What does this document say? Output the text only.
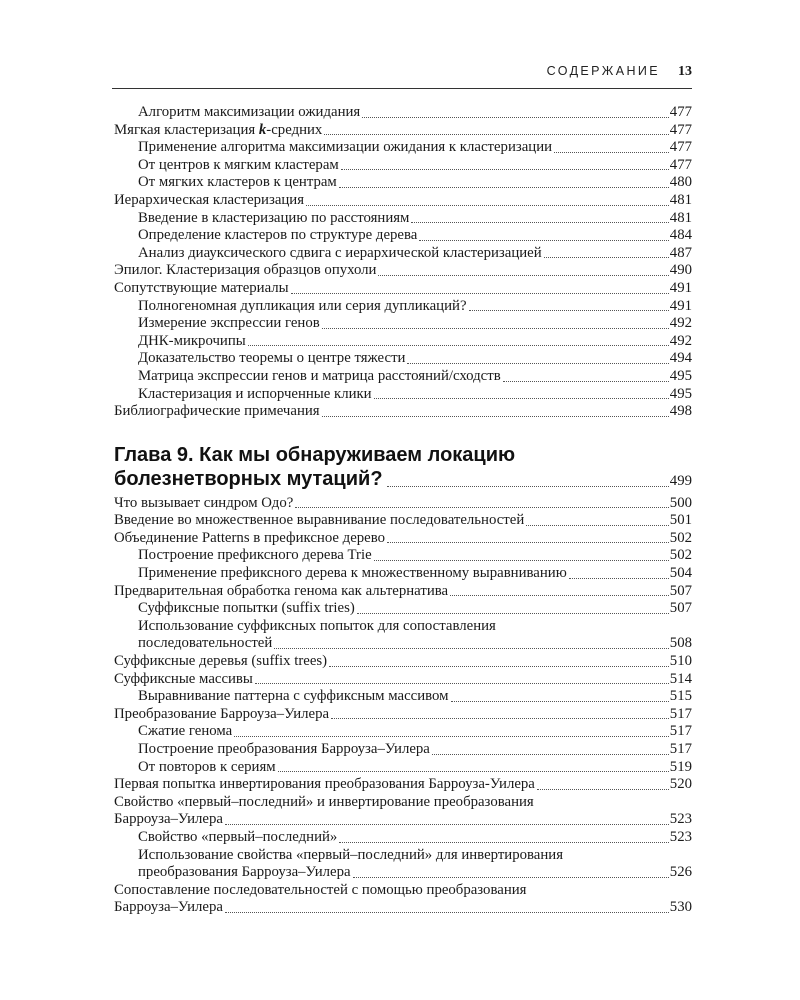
СОДЕРЖАНИЕ 13
Алгоритм максимизации ожидания	477
Мягкая кластеризация k-средних	477
Применение алгоритма максимизации ожидания к кластеризации	477
От центров к мягким кластерам	477
От мягких кластеров к центрам	480
Иерархическая кластеризация	481
Введение в кластеризацию по расстояниям	481
Определение кластеров по структуре дерева	484
Анализ диауксического сдвига с иерархической кластеризацией	487
Эпилог. Кластеризация образцов опухоли	490
Сопутствующие материалы	491
Полногеномная дупликация или серия дупликаций?	491
Измерение экспрессии генов	492
ДНК-микрочипы	492
Доказательство теоремы о центре тяжести	494
Матрица экспрессии генов и матрица расстояний/сходств	495
Кластеризация и испорченные клики	495
Библиографические примечания	498
Глава 9. Как мы обнаруживаем локацию
болезнетворных мутаций?	499
Что вызывает синдром Одо?	500
Введение во множественное выравнивание последовательностей	501
Объединение Patterns в префиксное дерево	502
Построение префиксного дерева Trie	502
Применение префиксного дерева к множественному выравниванию	504
Предварительная обработка генома как альтернатива	507
Суффиксные попытки (suffix tries)	507
Использование суффиксных попыток для сопоставления
последовательностей	508
Суффиксные деревья (suffix trees)	510
Суффиксные массивы	514
Выравнивание паттерна с суффиксным массивом	515
Преобразование Барроуза–Уилера	517
Сжатие генома	517
Построение преобразования Барроуза–Уилера	517
От повторов к сериям	519
Первая попытка инвертирования преобразования Барроуза-Уилера	520
Свойство «первый–последний» и инвертирование преобразования
Барроуза–Уилера	523
Свойство «первый–последний»	523
Использование свойства «первый–последний» для инвертирования
преобразования Барроуза–Уилера	526
Сопоставление последовательностей с помощью преобразования
Барроуза–Уилера	530
